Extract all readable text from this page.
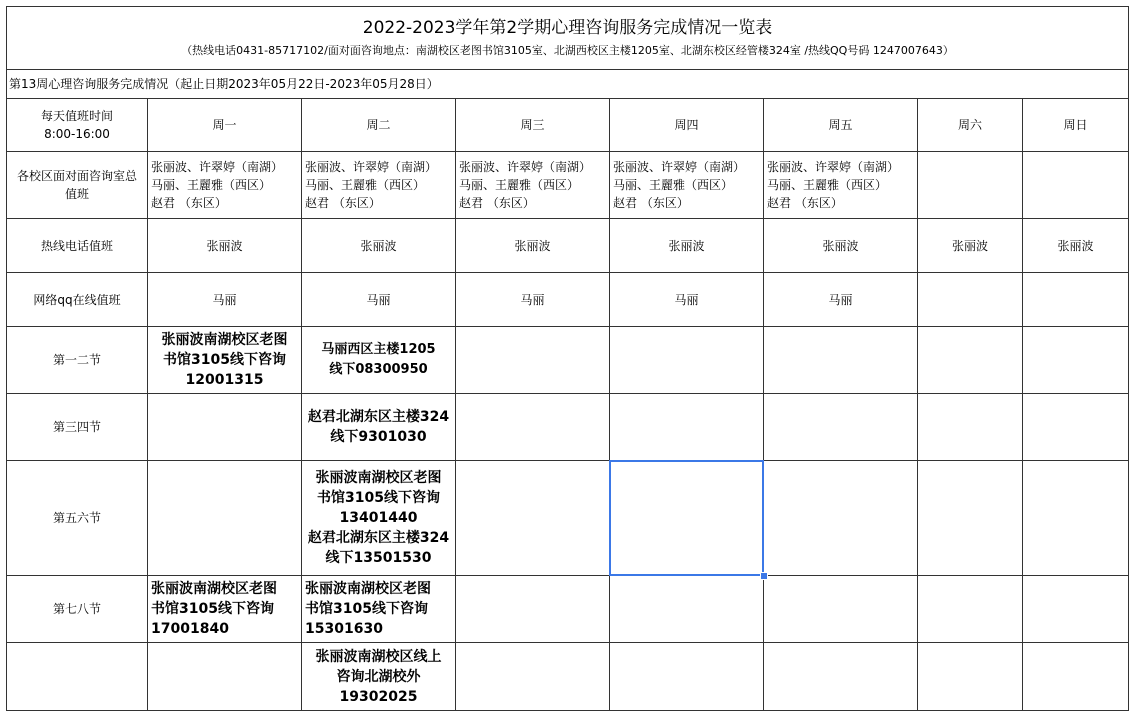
2022-2023学年第2学期心理咨询服务完成情况一览表
（热线电话0431-85717102/面对面咨询地点：南湖校区老图书馆3105室、北湖西校区主楼1205室、北湖东校区经管楼324室 /热线QQ号码 1247007643）							

第13周心理咨询服务完成情况（起止日期2023年05月22日-2023年05月28日）							

每天值班时间
8:00-16:00	周一	周二	周三	周四	周五	周六	周日

各校区面对面咨询室总
值班	张丽波、许翠婷（南湖）
马丽、王麗雅（西区）
赵君 （东区）	张丽波、许翠婷（南湖）
马丽、王麗雅（西区）
赵君 （东区）	张丽波、许翠婷（南湖）
马丽、王麗雅（西区）
赵君 （东区）	张丽波、许翠婷（南湖）
马丽、王麗雅（西区）
赵君 （东区）	张丽波、许翠婷（南湖）
马丽、王麗雅（西区）
赵君 （东区）		

热线电话值班	张丽波	张丽波	张丽波	张丽波	张丽波	张丽波	张丽波
网络qq在线值班	马丽	马丽	马丽	马丽	马丽		
第一二节	张丽波南湖校区老图
书馆3105线下咨询
12001315	马丽西区主楼1205
线下08300950					

第三四节		赵君北湖东区主楼324
线下9301030					

第五六节		张丽波南湖校区老图
书馆3105线下咨询
13401440
赵君北湖东区主楼324
线下13501530					

第七八节	张丽波南湖校区老图
书馆3105线下咨询
17001840	张丽波南湖校区老图
书馆3105线下咨询
15301630					

		张丽波南湖校区线上
咨询北湖校外
19302025					
